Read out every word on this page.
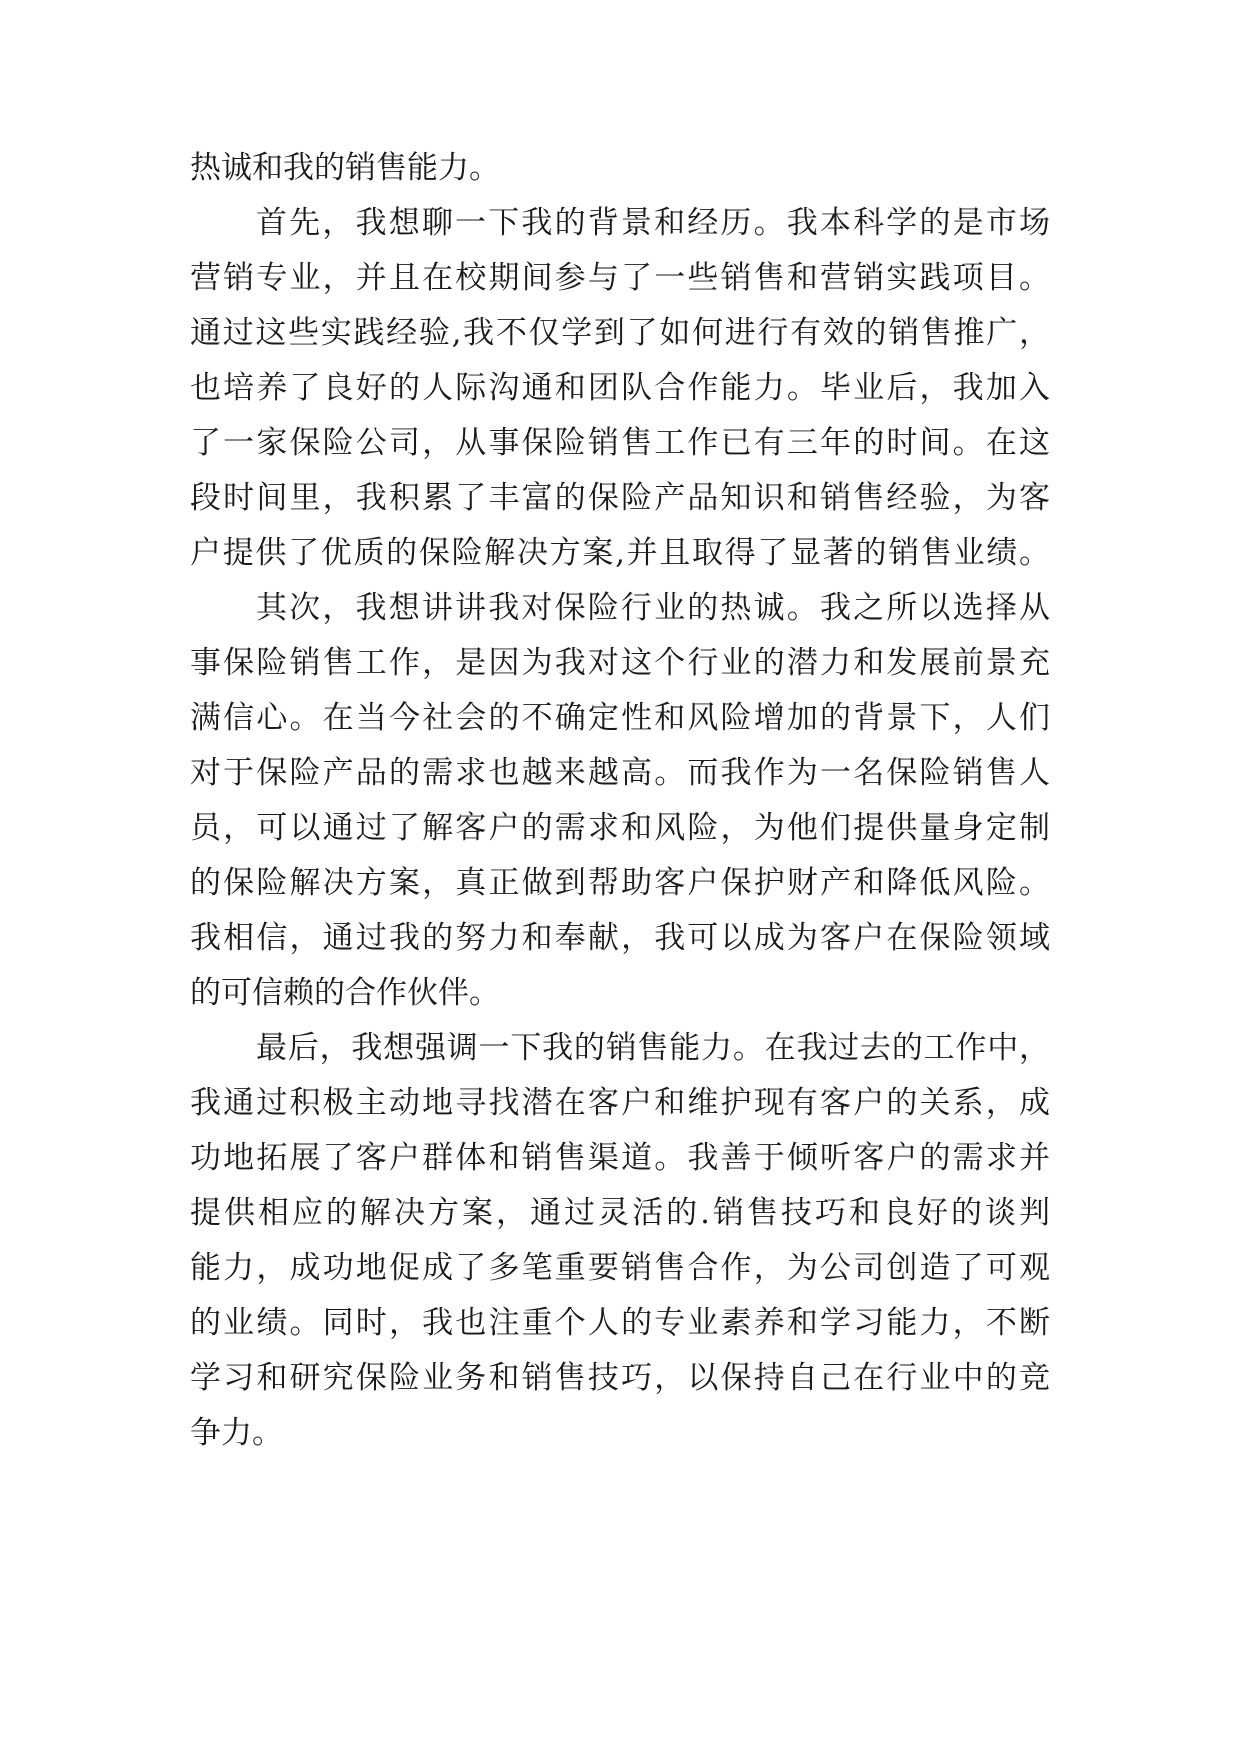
热诚和我的销售能力。
首先，我想聊一下我的背景和经历。我本科学的是市场
营销专业，并且在校期间参与了一些销售和营销实践项目。
通过这些实践经验,我不仅学到了如何进行有效的销售推广，
也培养了良好的人际沟通和团队合作能力。毕业后，我加入
了一家保险公司，从事保险销售工作已有三年的时间。在这
段时间里，我积累了丰富的保险产品知识和销售经验，为客
户提供了优质的保险解决方案,并且取得了显著的销售业绩。
其次，我想讲讲我对保险行业的热诚。我之所以选择从
事保险销售工作，是因为我对这个行业的潜力和发展前景充
满信心。在当今社会的不确定性和风险增加的背景下，人们
对于保险产品的需求也越来越高。而我作为一名保险销售人
员，可以通过了解客户的需求和风险，为他们提供量身定制
的保险解决方案，真正做到帮助客户保护财产和降低风险。
我相信，通过我的努力和奉献，我可以成为客户在保险领域
的可信赖的合作伙伴。
最后，我想强调一下我的销售能力。在我过去的工作中，
我通过积极主动地寻找潜在客户和维护现有客户的关系，成
功地拓展了客户群体和销售渠道。我善于倾听客户的需求并
提供相应的解决方案，通过灵活的.销售技巧和良好的谈判
能力，成功地促成了多笔重要销售合作，为公司创造了可观
的业绩。同时，我也注重个人的专业素养和学习能力，不断
学习和研究保险业务和销售技巧，以保持自己在行业中的竞
争力。
